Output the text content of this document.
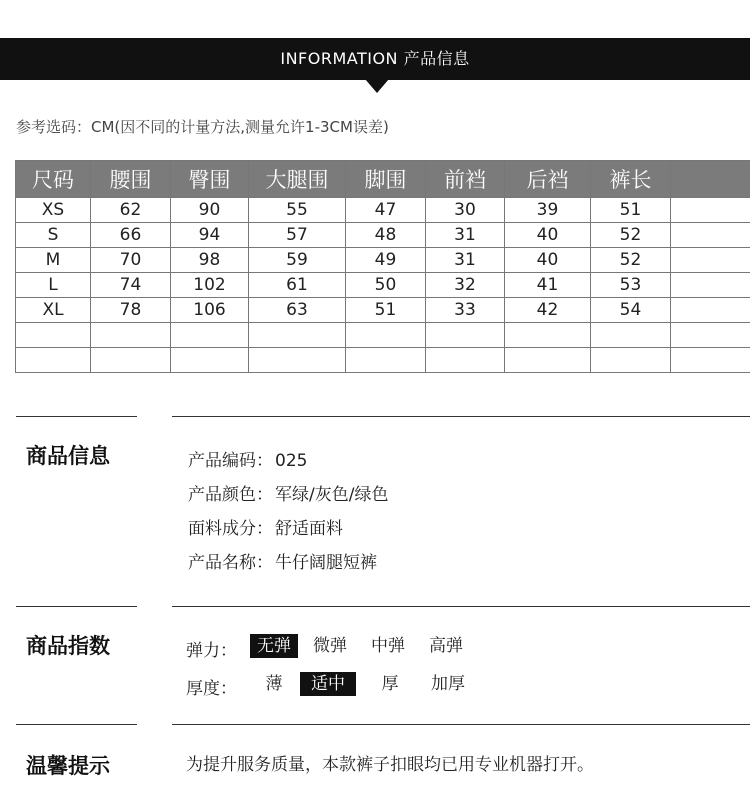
INFORMATION 产品信息
参考选码：CM(因不同的计量方法,测量允许1-3CM误差)
尺码	腰围	臀围	大腿围	脚围	前裆	后裆	裤长	
XS	62	90	55	47	30	39	51	
S	66	94	57	48	31	40	52	
M	70	98	59	49	31	40	52	
L	74	102	61	50	32	41	53	
XL	78	106	63	51	33	42	54	

商品信息	产品编码： 025
产品颜色： 军绿/灰色/绿色
面料成分： 舒适面料
产品名称： 牛仔阔腿短裤
商品指数	弹力：	无弹	微弹	中弹	高弹
厚度：	薄	适中	厚	加厚
温馨提示	为提升服务质量，本款裤子扣眼均已用专业机器打开。
